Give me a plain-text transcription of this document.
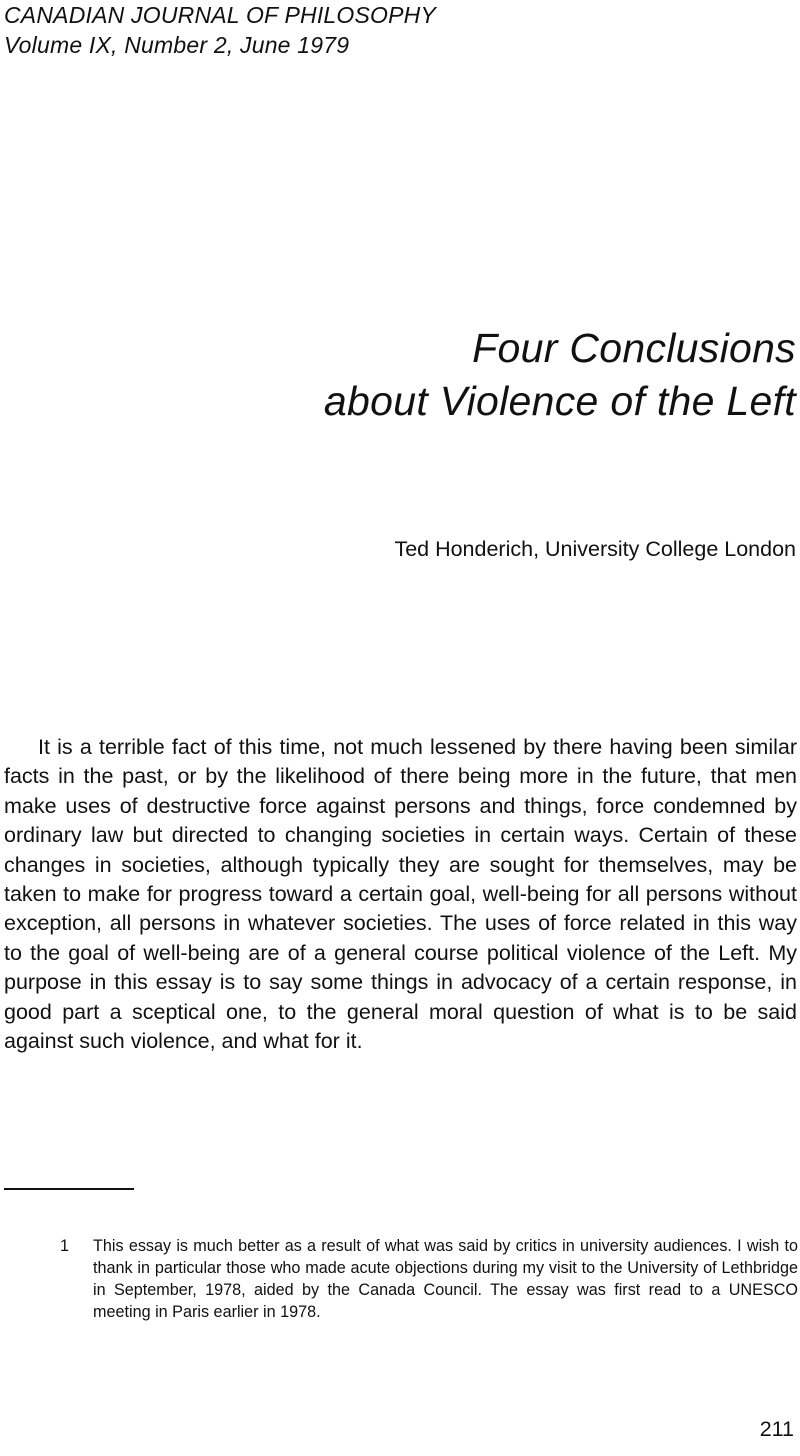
CANADIAN JOURNAL OF PHILOSOPHY
Volume IX, Number 2, June 1979
Four Conclusions
about Violence of the Left
Ted Honderich, University College London

It is a terrible fact of this time, not much lessened by there having been similar facts in the past, or by the likelihood of there being more in the future, that men make uses of destructive force against persons and things, force condemned by ordinary law but directed to changing societies in certain ways. Certain of these changes in societies, although typically they are sought for themselves, may be taken to make for progress toward a certain goal, well-being for all persons without exception, all persons in whatever societies. The uses of force related in this way to the goal of well-being are of a general course political violence of the Left. My purpose in this essay is to say some things in advocacy of a certain response, in good part a sceptical one, to the general moral question of what is to be said against such violence, and what for it.

1 This essay is much better as a result of what was said by critics in university audiences. I wish to thank in particular those who made acute objections during my visit to the University of Lethbridge in September, 1978, aided by the Canada Council. The essay was first read to a UNESCO meeting in Paris earlier in 1978.
211
